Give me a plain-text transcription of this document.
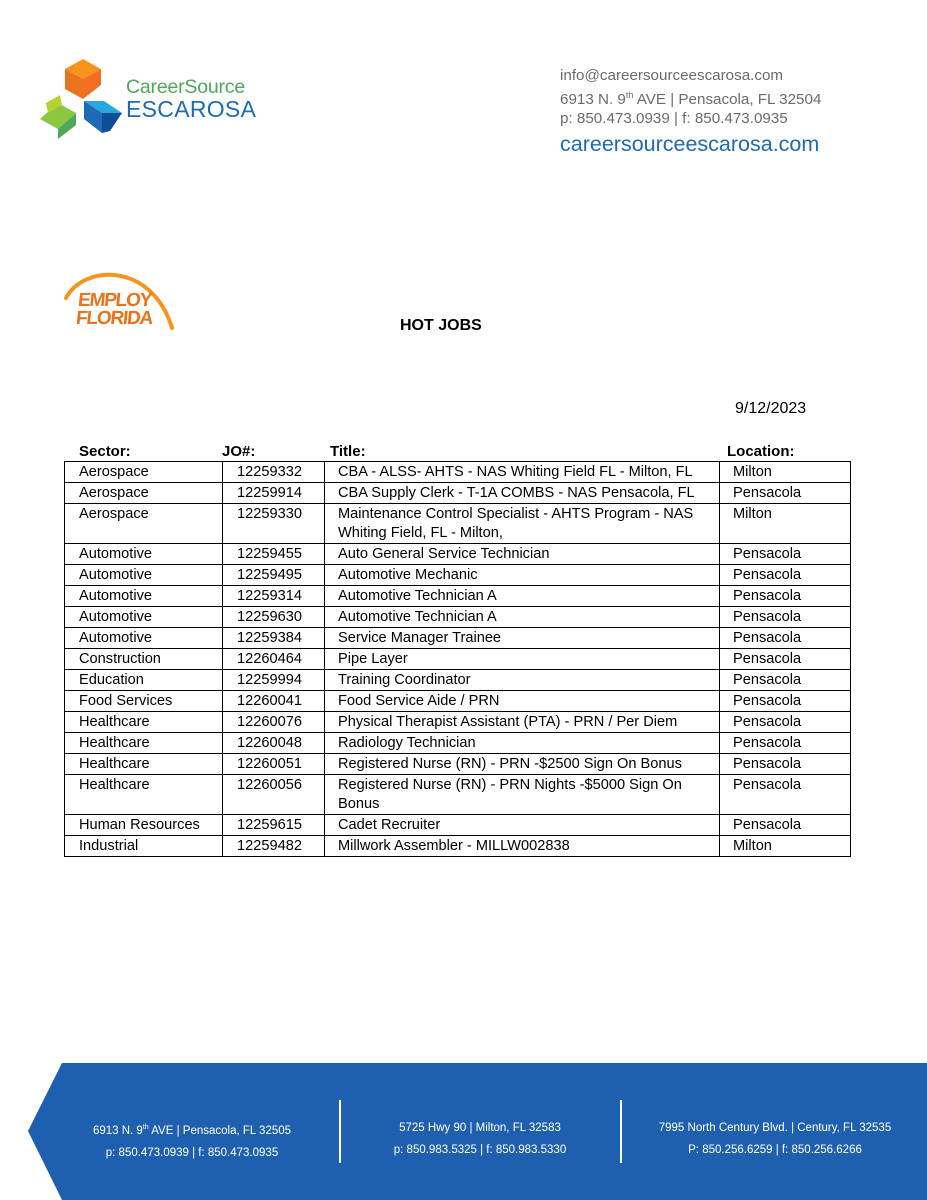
CareerSource
ESCAROSA
info@careersourceescarosa.com
6913 N. 9th AVE | Pensacola, FL 32504
p: 850.473.0939 | f: 850.473.0935
careersourceescarosa.com
EMPLOY
FLORIDA	HOT JOBS
9/12/2023
Sector:	JO#:	Title:	Location:
Aerospace	12259332	CBA - ALSS- AHTS - NAS Whiting Field FL - Milton, FL	Milton
Aerospace	12259914	CBA Supply Clerk - T-1A COMBS - NAS Pensacola, FL	Pensacola
Aerospace	12259330	Maintenance Control Specialist - AHTS Program - NAS Whiting Field, FL - Milton,	Milton
Automotive	12259455	Auto General Service Technician	Pensacola
Automotive	12259495	Automotive Mechanic	Pensacola
Automotive	12259314	Automotive Technician A	Pensacola
Automotive	12259630	Automotive Technician A	Pensacola
Automotive	12259384	Service Manager Trainee	Pensacola
Construction	12260464	Pipe Layer	Pensacola
Education	12259994	Training Coordinator	Pensacola
Food Services	12260041	Food Service Aide / PRN	Pensacola
Healthcare	12260076	Physical Therapist Assistant (PTA) - PRN / Per Diem	Pensacola
Healthcare	12260048	Radiology Technician	Pensacola
Healthcare	12260051	Registered Nurse (RN) - PRN -$2500 Sign On Bonus	Pensacola
Healthcare	12260056	Registered Nurse (RN) - PRN Nights -$5000 Sign On Bonus	Pensacola
Human Resources	12259615	Cadet Recruiter	Pensacola
Industrial	12259482	Millwork Assembler - MILLW002838	Milton
6913 N. 9th AVE | Pensacola, FL 32505
p: 850.473.0939 | f: 850.473.0935
5725 Hwy 90 | Milton, FL 32583
p: 850.983.5325 | f: 850.983.5330
7995 North Century Blvd. | Century, FL 32535
P: 850.256.6259 | f: 850.256.6266
